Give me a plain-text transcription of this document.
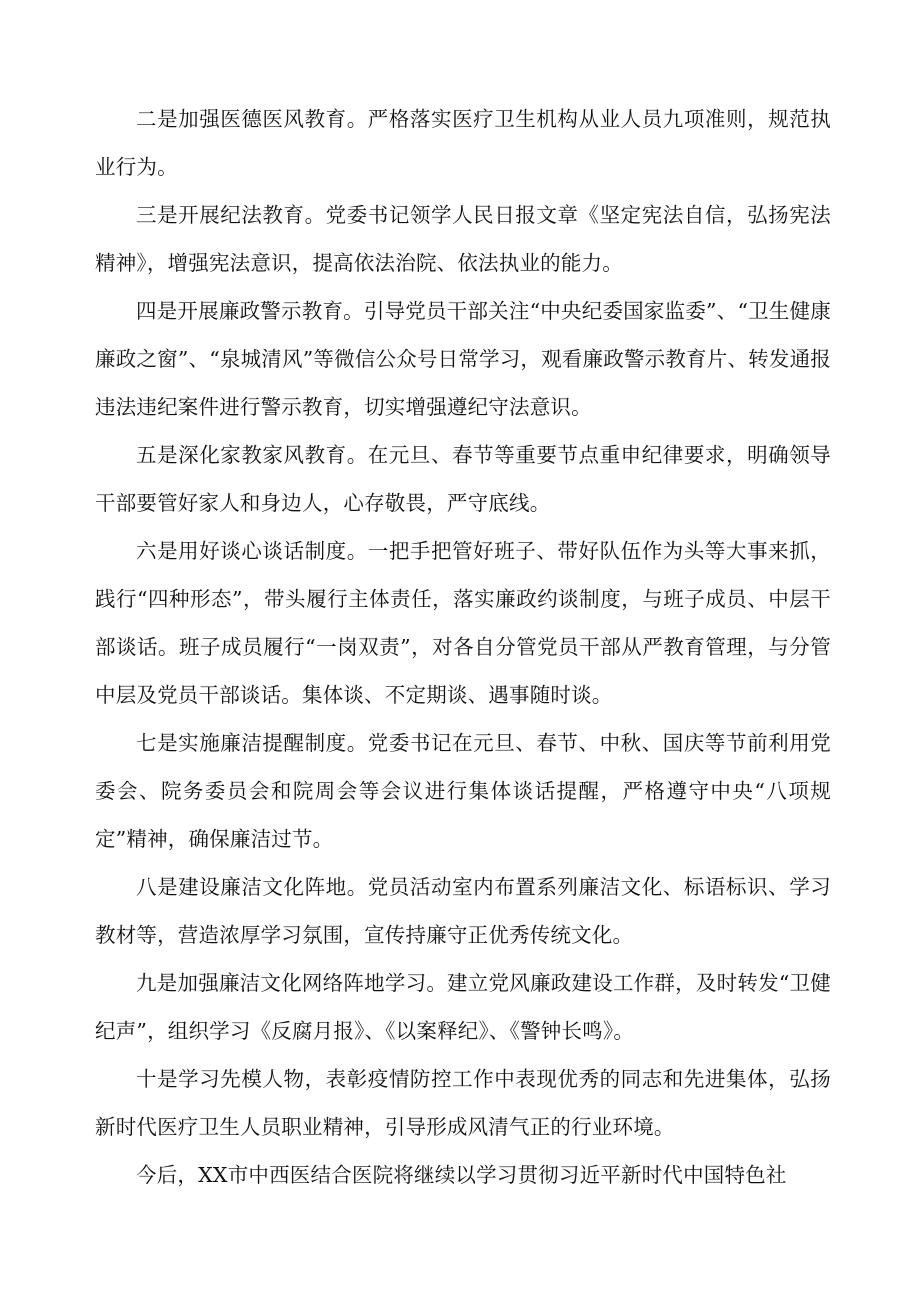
二是加强医德医风教育。严格落实医疗卫生机构从业人员九项准则，规范执业行为。

三是开展纪法教育。党委书记领学人民日报文章《坚定宪法自信，弘扬宪法精神》，增强宪法意识，提高依法治院、依法执业的能力。

四是开展廉政警示教育。引导党员干部关注“中央纪委国家监委”、“卫生健康廉政之窗”、“泉城清风”等微信公众号日常学习，观看廉政警示教育片、转发通报违法违纪案件进行警示教育，切实增强遵纪守法意识。

五是深化家教家风教育。在元旦、春节等重要节点重申纪律要求，明确领导干部要管好家人和身边人，心存敬畏，严守底线。

六是用好谈心谈话制度。一把手把管好班子、带好队伍作为头等大事来抓，践行“四种形态”，带头履行主体责任，落实廉政约谈制度，与班子成员、中层干部谈话。班子成员履行“一岗双责”，对各自分管党员干部从严教育管理，与分管中层及党员干部谈话。集体谈、不定期谈、遇事随时谈。

七是实施廉洁提醒制度。党委书记在元旦、春节、中秋、国庆等节前利用党委会、院务委员会和院周会等会议进行集体谈话提醒，严格遵守中央“八项规定”精神，确保廉洁过节。

八是建设廉洁文化阵地。党员活动室内布置系列廉洁文化、标语标识、学习教材等，营造浓厚学习氛围，宣传持廉守正优秀传统文化。

九是加强廉洁文化网络阵地学习。建立党风廉政建设工作群，及时转发“卫健纪声”，组织学习《反腐月报》、《以案释纪》、《警钟长鸣》。

十是学习先模人物，表彰疫情防控工作中表现优秀的同志和先进集体，弘扬新时代医疗卫生人员职业精神，引导形成风清气正的行业环境。

今后，XX市中西医结合医院将继续以学习贯彻习近平新时代中国特色社
